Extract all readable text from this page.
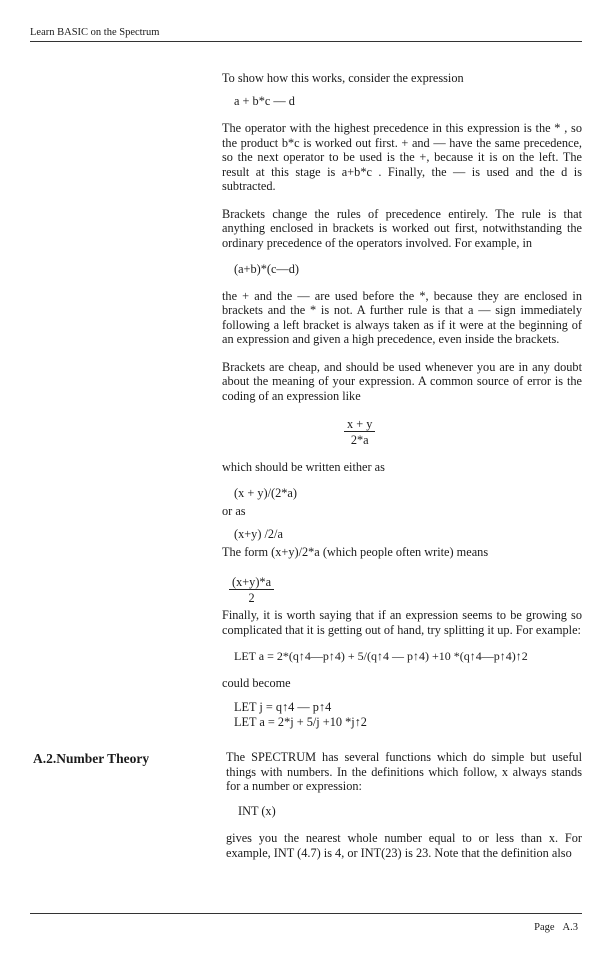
Learn BASIC on the Spectrum

To show how this works, consider the expression

a + b*c — d

The operator with the highest precedence in this expression is the * , so the product b*c is worked out first. + and — have the same precedence, so the next operator to be used is the +, because it is on the left. The result at this stage is a+b*c . Finally, the — is used and the d is subtracted.

Brackets change the rules of precedence entirely. The rule is that anything enclosed in brackets is worked out first, notwithstanding the ordinary precedence of the operators involved. For example, in

(a+b)*(c—d)

the + and the — are used before the *, because they are enclosed in brackets and the * is not. A further rule is that a — sign immediately following a left bracket is always taken as if it were at the beginning of an expression and given a high precedence, even inside the brackets.

Brackets are cheap, and should be used whenever you are in any doubt about the meaning of your expression. A common source of error is the coding of an expression like

$\frac{x + y}{2*a}$

which should be written either as

(x + y)/(2*a)

or as

(x+y) /2/a

The form (x+y)/2*a (which people often write) means

$\frac{(x+y)*a}{2}$

Finally, it is worth saying that if an expression seems to be growing so complicated that it is getting out of hand, try splitting it up. For example:

LET a = 2*(q↑4—p↑4) + 5/(q↑4 — p↑4) +10 *(q↑4—p↑4)↑2

could become

LET j = q↑4 — p↑4
LET a = 2*j + 5/j +10 *j↑2
A.2.Number Theory	The SPECTRUM has several functions which do simple but useful things with numbers. In the definitions which follow, x always stands for a number or expression:

INT (x)

gives you the nearest whole number equal to or less than x. For example, INT (4.7) is 4, or INT(23) is 23. Note that the definition also

Page A.3
